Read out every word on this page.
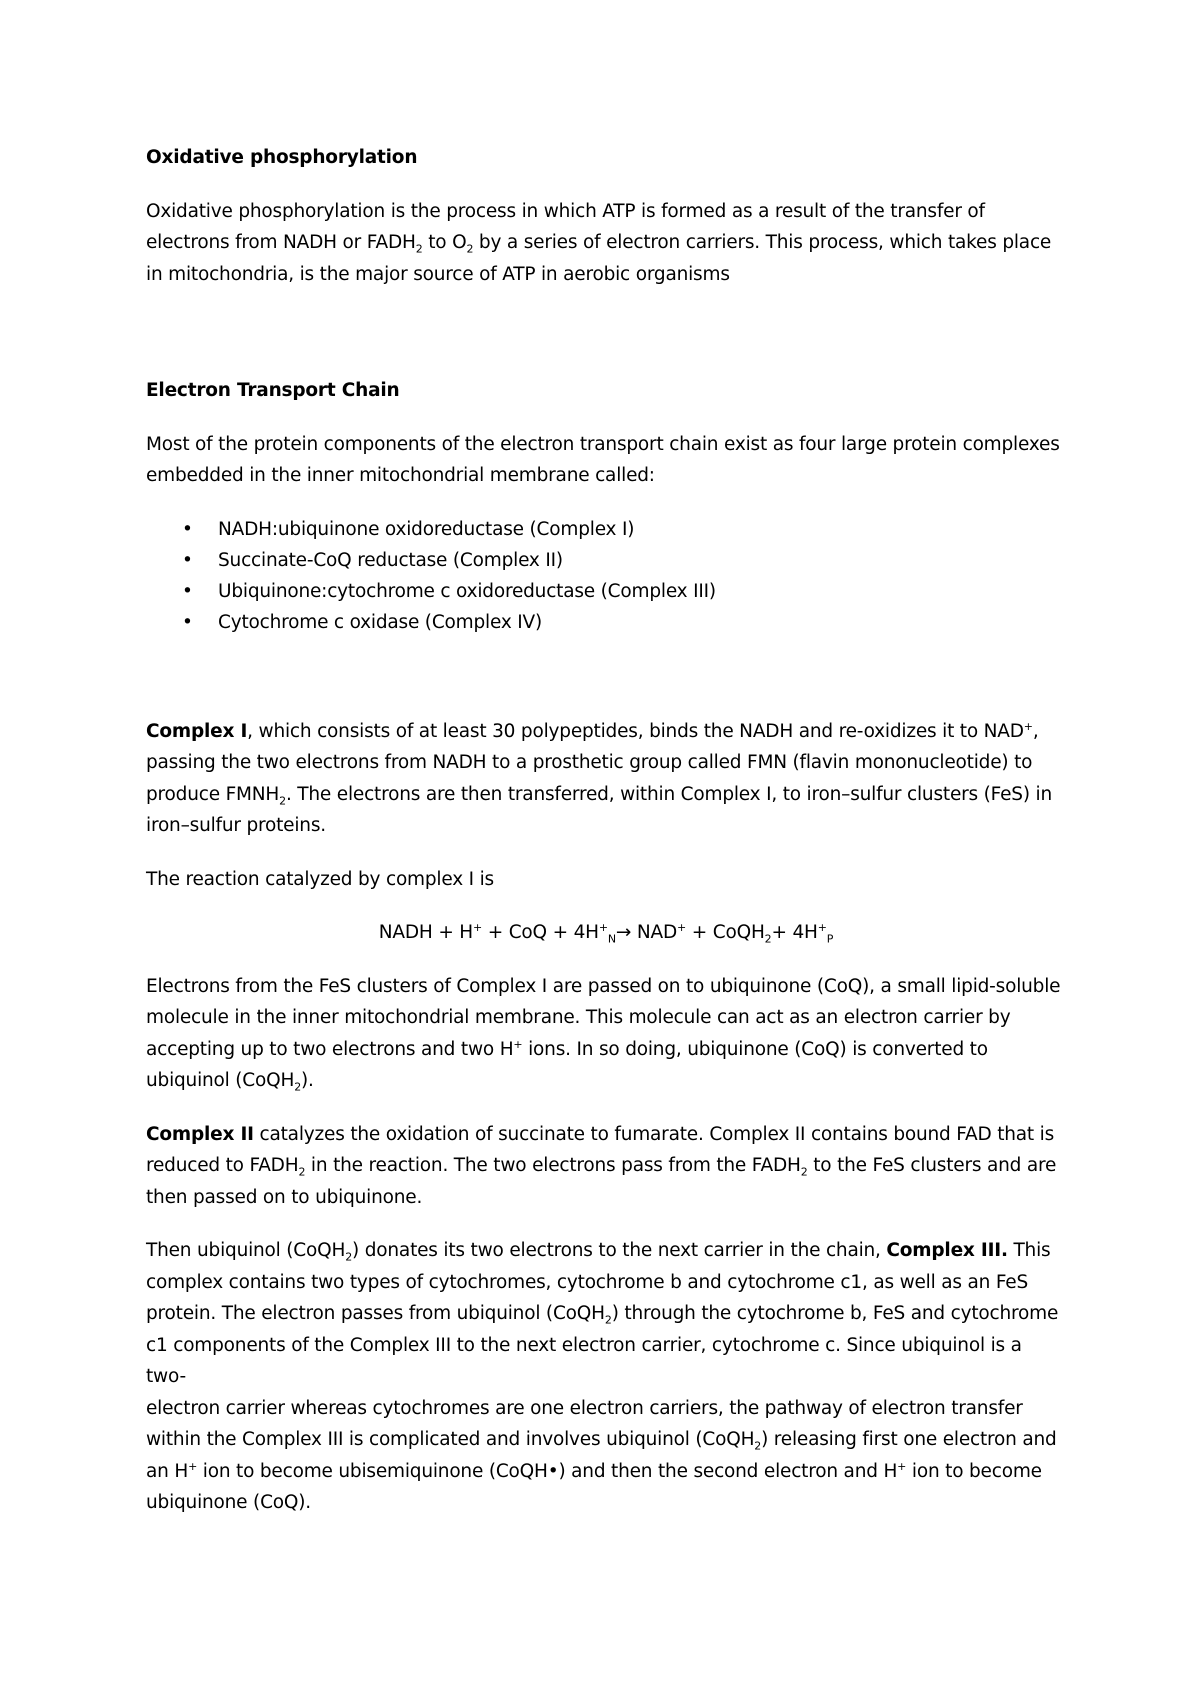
Oxidative phosphorylation

Oxidative phosphorylation is the process in which ATP is formed as a result of the transfer of
electrons from NADH or $FADH_2$ to $O_2$ by a series of electron carriers. This process, which takes place
in mitochondria, is the major source of ATP in aerobic organisms

Electron Transport Chain

Most of the protein components of the electron transport chain exist as four large protein complexes
embedded in the inner mitochondrial membrane called:

• NADH:ubiquinone oxidoreductase (Complex I)
• Succinate-CoQ reductase (Complex II)
• Ubiquinone:cytochrome c oxidoreductase (Complex III)
• Cytochrome c oxidase (Complex IV)

Complex I, which consists of at least 30 polypeptides, binds the NADH and re-oxidizes it to NAD+,
passing the two electrons from NADH to a prosthetic group called FMN (flavin mononucleotide) to
produce $FMNH_2$. The electrons are then transferred, within Complex I, to iron–sulfur clusters (FeS) in
iron–sulfur proteins.

The reaction catalyzed by complex I is

NADH + H+ + CoQ + $4H^+_N\to NAD^+$ + CoQH$_2$+ $4H^+_P$

Electrons from the FeS clusters of Complex I are passed on to ubiquinone (CoQ), a small lipid-soluble
molecule in the inner mitochondrial membrane. This molecule can act as an electron carrier by
accepting up to two electrons and two H+ ions. In so doing, ubiquinone (CoQ) is converted to
ubiquinol (CoQH$_2$).

Complex II catalyzes the oxidation of succinate to fumarate. Complex II contains bound FAD that is
reduced to $FADH_2$ in the reaction. The two electrons pass from the $FADH_2$ to the FeS clusters and are
then passed on to ubiquinone.

Then ubiquinol (CoQH$_2$) donates its two electrons to the next carrier in the chain, Complex III. This
complex contains two types of cytochromes, cytochrome b and cytochrome c1, as well as an FeS
protein. The electron passes from ubiquinol (CoQH$_2$) through the cytochrome b, FeS and cytochrome
c1 components of the Complex III to the next electron carrier, cytochrome c. Since ubiquinol is a two-
electron carrier whereas cytochromes are one electron carriers, the pathway of electron transfer
within the Complex III is complicated and involves ubiquinol (CoQH$_2$) releasing first one electron and
an H+ ion to become ubisemiquinone (CoQH•) and then the second electron and H+ ion to become
ubiquinone (CoQ).
